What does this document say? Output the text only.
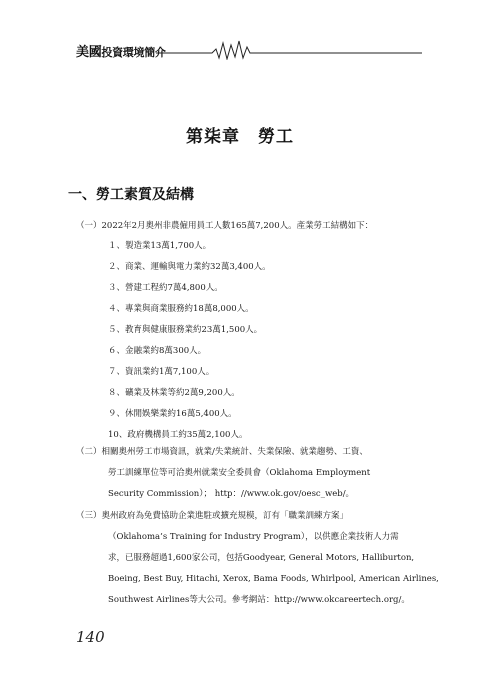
美國投資環境簡介
第柒章　勞工
一、勞工素質及結構
（一）2022年2月奧州非農僱用員工人數165萬7,200人。產業勞工結構如下：
１、製造業13萬1,700人。
２、商業、運輸與電力業約32萬3,400人。
３、營建工程約7萬4,800人。
４、專業與商業服務約18萬8,000人。
５、教育與健康服務業約23萬1,500人。
６、金融業約8萬300人。
７、資訊業約1萬7,100人。
８、礦業及林業等約2萬9,200人。
９、休閒娛樂業約16萬5,400人。
10、政府機構員工約35萬2,100人。
（二）相關奧州勞工市場資訊，就業/失業統計、失業保險、就業趨勢、工資、
勞工訓練單位等可洽奧州就業安全委員會（Oklahoma Employment
Security Commission）； http：//www.ok.gov/oesc_web/。
（三）奧州政府為免費協助企業進駐或擴充規模，訂有「職業訓練方案」
（Oklahoma’s Training for Industry Program），以供應企業技術人力需
求，已服務超過1,600家公司，包括Goodyear, General Motors, Halliburton,
Boeing, Best Buy, Hitachi, Xerox, Bama Foods, Whirlpool, American Airlines,
Southwest Airlines等大公司。參考網站：http://www.okcareertech.org/。
140
